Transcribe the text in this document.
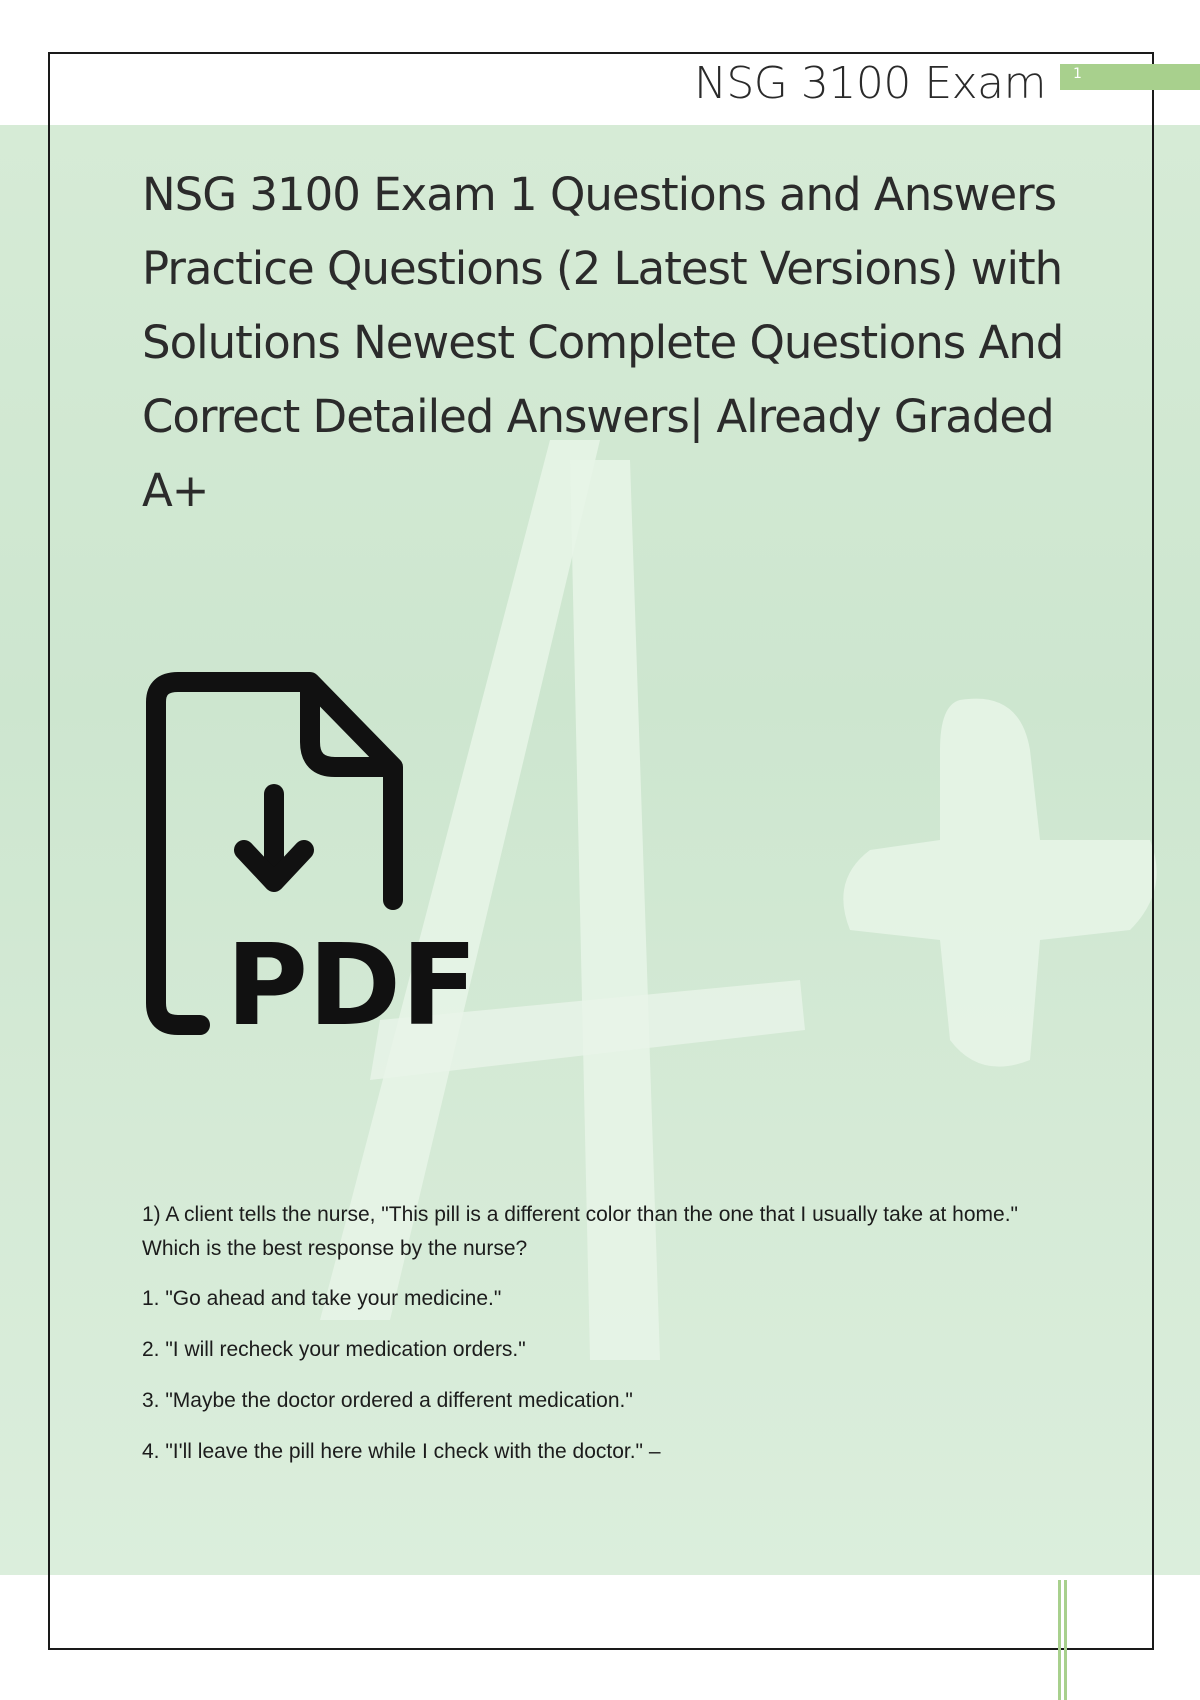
NSG 3100 Exam 1
NSG 3100 Exam 1 Questions and Answers Practice Questions (2 Latest Versions) with Solutions Newest Complete Questions And Correct Detailed Answers| Already Graded A+
PDF

1) A client tells the nurse, "This pill is a different color than the one that I usually take at home." Which is the best response by the nurse?

1. "Go ahead and take your medicine."

2. "I will recheck your medication orders."

3. "Maybe the doctor ordered a different medication."

4. "I'll leave the pill here while I check with the doctor." –
